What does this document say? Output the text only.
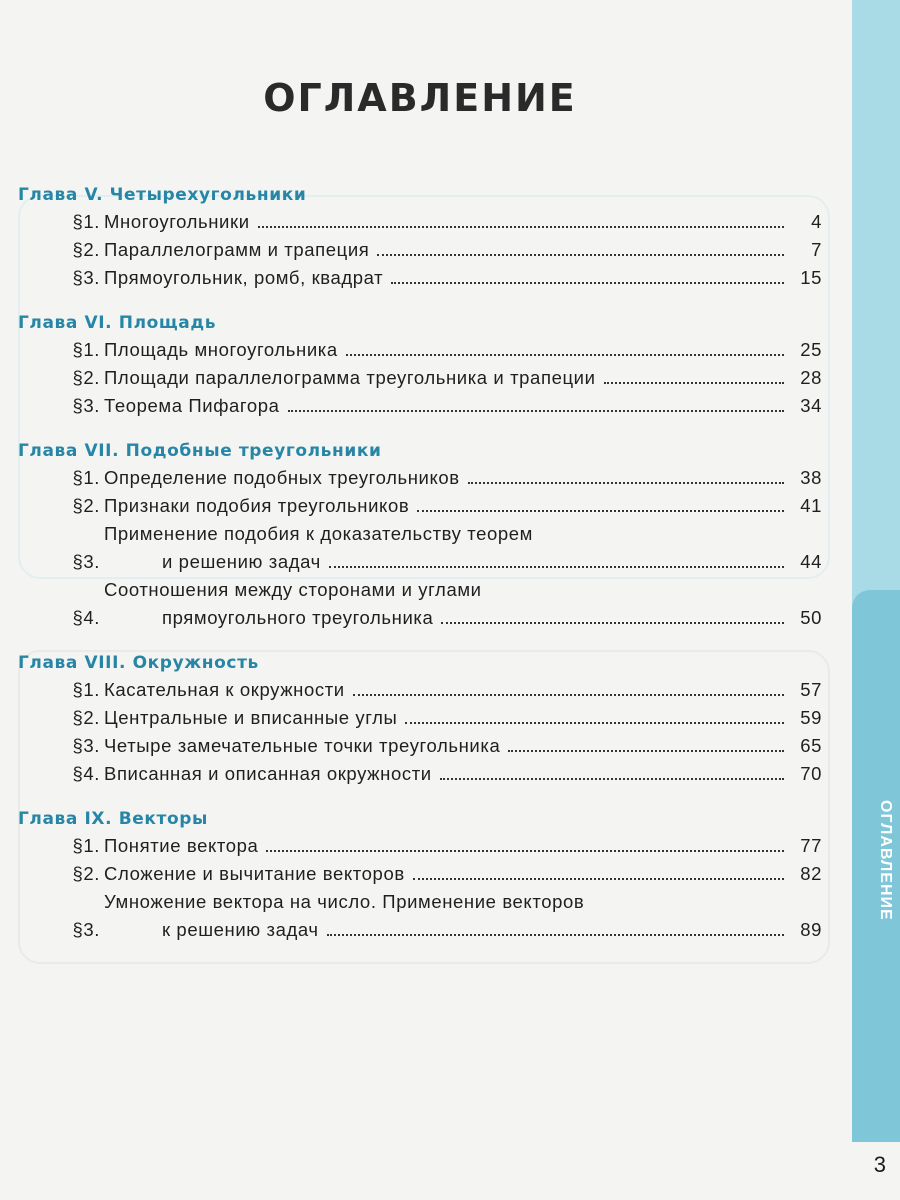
ОГЛАВЛЕНИЕ
ОГЛАВЛЕНИЕ
Глава V. Четырехугольники
§1. Многоугольники	4
§2. Параллелограмм и трапеция	7
§3. Прямоугольник, ромб, квадрат	15
Глава VI. Площадь
§1. Площадь многоугольника	25
§2. Площади параллелограмма треугольника и трапеции	28
§3. Теорема Пифагора	34
Глава VII. Подобные треугольники
§1. Определение подобных треугольников	38
§2. Признаки подобия треугольников	41
§3.
Применение подобия к доказательству теорем
и решению задач	44
§4.
Соотношения между сторонами и углами
прямоугольного треугольника	50
Глава VIII. Окружность
§1. Касательная к окружности	57
§2. Центральные и вписанные углы	59
§3. Четыре замечательные точки треугольника	65
§4. Вписанная и описанная окружности	70
Глава IX. Векторы
§1. Понятие вектора	77
§2. Сложение и вычитание векторов	82
§3.
Умножение вектора на число. Применение векторов
к решению задач	89
3
